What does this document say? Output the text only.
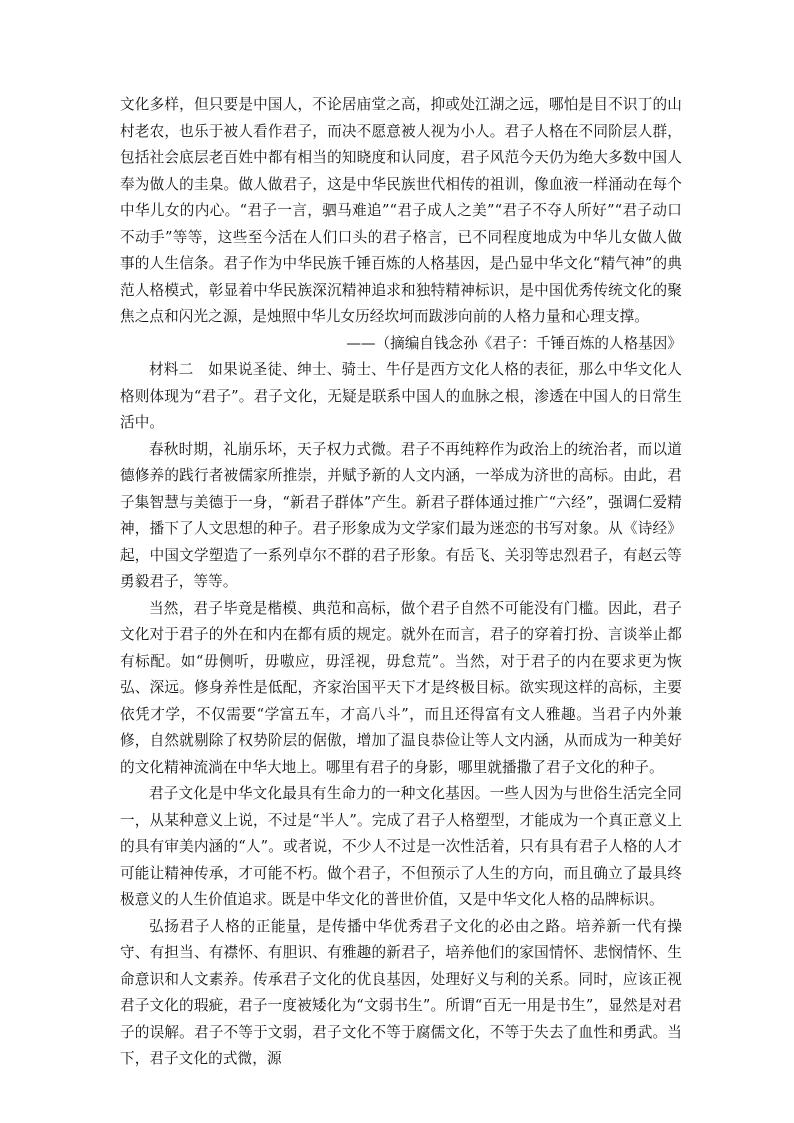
文化多样，但只要是中国人，不论居庙堂之高，抑或处江湖之远，哪怕是目不识丁的山村老农，也乐于被人看作君子，而决不愿意被人视为小人。君子人格在不同阶层人群，包括社会底层老百姓中都有相当的知晓度和认同度，君子风范今天仍为绝大多数中国人奉为做人的圭臬。做人做君子，这是中华民族世代相传的祖训，像血液一样涌动在每个中华儿女的内心。“君子一言，驷马难追”“君子成人之美”“君子不夺人所好”“君子动口不动手”等等，这些至今活在人们口头的君子格言，已不同程度地成为中华儿女做人做事的人生信条。君子作为中华民族千锤百炼的人格基因，是凸显中华文化“精气神”的典范人格模式，彰显着中华民族深沉精神追求和独特精神标识，是中国优秀传统文化的聚焦之点和闪光之源，是烛照中华儿女历经坎坷而跋涉向前的人格力量和心理支撑。

——（摘编自钱念孙《君子：千锤百炼的人格基因》

材料二　如果说圣徒、绅士、骑士、牛仔是西方文化人格的表征，那么中华文化人格则体现为“君子”。君子文化，无疑是联系中国人的血脉之根，渗透在中国人的日常生活中。

春秋时期，礼崩乐坏，天子权力式微。君子不再纯粹作为政治上的统治者，而以道德修养的践行者被儒家所推崇，并赋予新的人文内涵，一举成为济世的高标。由此，君子集智慧与美德于一身，“新君子群体”产生。新君子群体通过推广“六经”，强调仁爱精神，播下了人文思想的种子。君子形象成为文学家们最为迷恋的书写对象。从《诗经》起，中国文学塑造了一系列卓尔不群的君子形象。有岳飞、关羽等忠烈君子，有赵云等勇毅君子，等等。

当然，君子毕竟是楷模、典范和高标，做个君子自然不可能没有门槛。因此，君子文化对于君子的外在和内在都有质的规定。就外在而言，君子的穿着打扮、言谈举止都有标配。如“毋侧听，毋嗷应，毋淫视，毋怠荒”。当然，对于君子的内在要求更为恢弘、深远。修身养性是低配，齐家治国平天下才是终极目标。欲实现这样的高标，主要依凭才学，不仅需要“学富五车，才高八斗”，而且还得富有文人雅趣。当君子内外兼修，自然就剔除了权势阶层的倨傲，增加了温良恭俭让等人文内涵，从而成为一种美好的文化精神流淌在中华大地上。哪里有君子的身影，哪里就播撒了君子文化的种子。

君子文化是中华文化最具有生命力的一种文化基因。一些人因为与世俗生活完全同一，从某种意义上说，不过是“半人”。完成了君子人格塑型，才能成为一个真正意义上的具有审美内涵的“人”。或者说，不少人不过是一次性活着，只有具有君子人格的人才可能让精神传承，才可能不朽。做个君子，不但预示了人生的方向，而且确立了最具终极意义的人生价值追求。既是中华文化的普世价值，又是中华文化人格的品牌标识。

弘扬君子人格的正能量，是传播中华优秀君子文化的必由之路。培养新一代有操守、有担当、有襟怀、有胆识、有雅趣的新君子，培养他们的家国情怀、悲悯情怀、生命意识和人文素养。传承君子文化的优良基因，处理好义与利的关系。同时，应该正视君子文化的瑕疵，君子一度被矮化为“文弱书生”。所谓“百无一用是书生”，显然是对君子的误解。君子不等于文弱，君子文化不等于腐儒文化，不等于失去了血性和勇武。当下，君子文化的式微，源
